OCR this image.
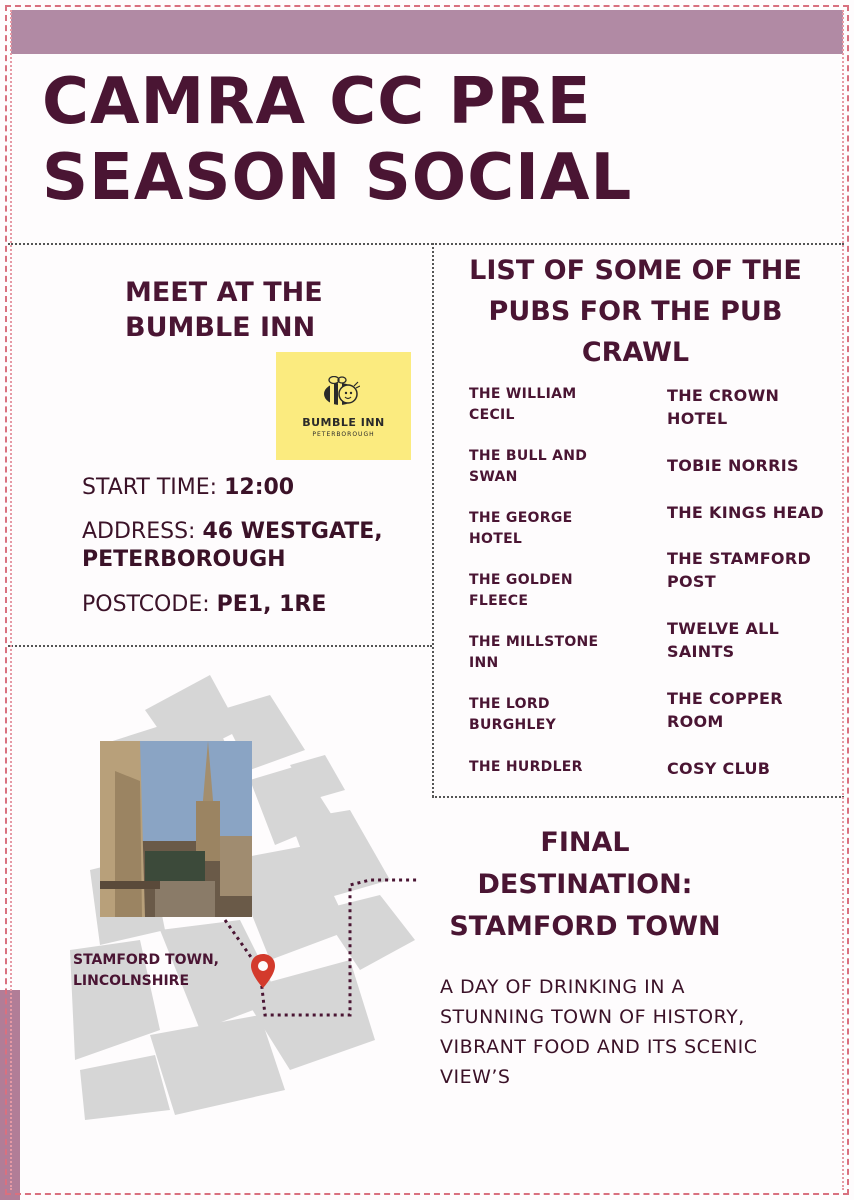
CAMRA CC PRE
SEASON SOCIAL
MEET AT THE
BUMBLE INN
BUMBLE INN
PETERBOROUGH
START TIME: 12:00
ADDRESS: 46 WESTGATE,
PETERBOROUGH
POSTCODE: PE1, 1RE
LIST OF SOME OF THE
PUBS FOR THE PUB
CRAWL
THE WILLIAM
CECIL
THE BULL AND
SWAN
THE GEORGE
HOTEL
THE GOLDEN
FLEECE
THE MILLSTONE
INN
THE LORD
BURGHLEY
THE HURDLER
THE CROWN
HOTEL
TOBIE NORRIS
THE KINGS HEAD
THE STAMFORD
POST
TWELVE ALL
SAINTS
THE COPPER
ROOM
COSY CLUB
STAMFORD TOWN,
LINCOLNSHIRE
FINAL
DESTINATION:
STAMFORD TOWN
A DAY OF DRINKING IN A
STUNNING TOWN OF HISTORY,
VIBRANT FOOD AND ITS SCENIC
VIEW’S
